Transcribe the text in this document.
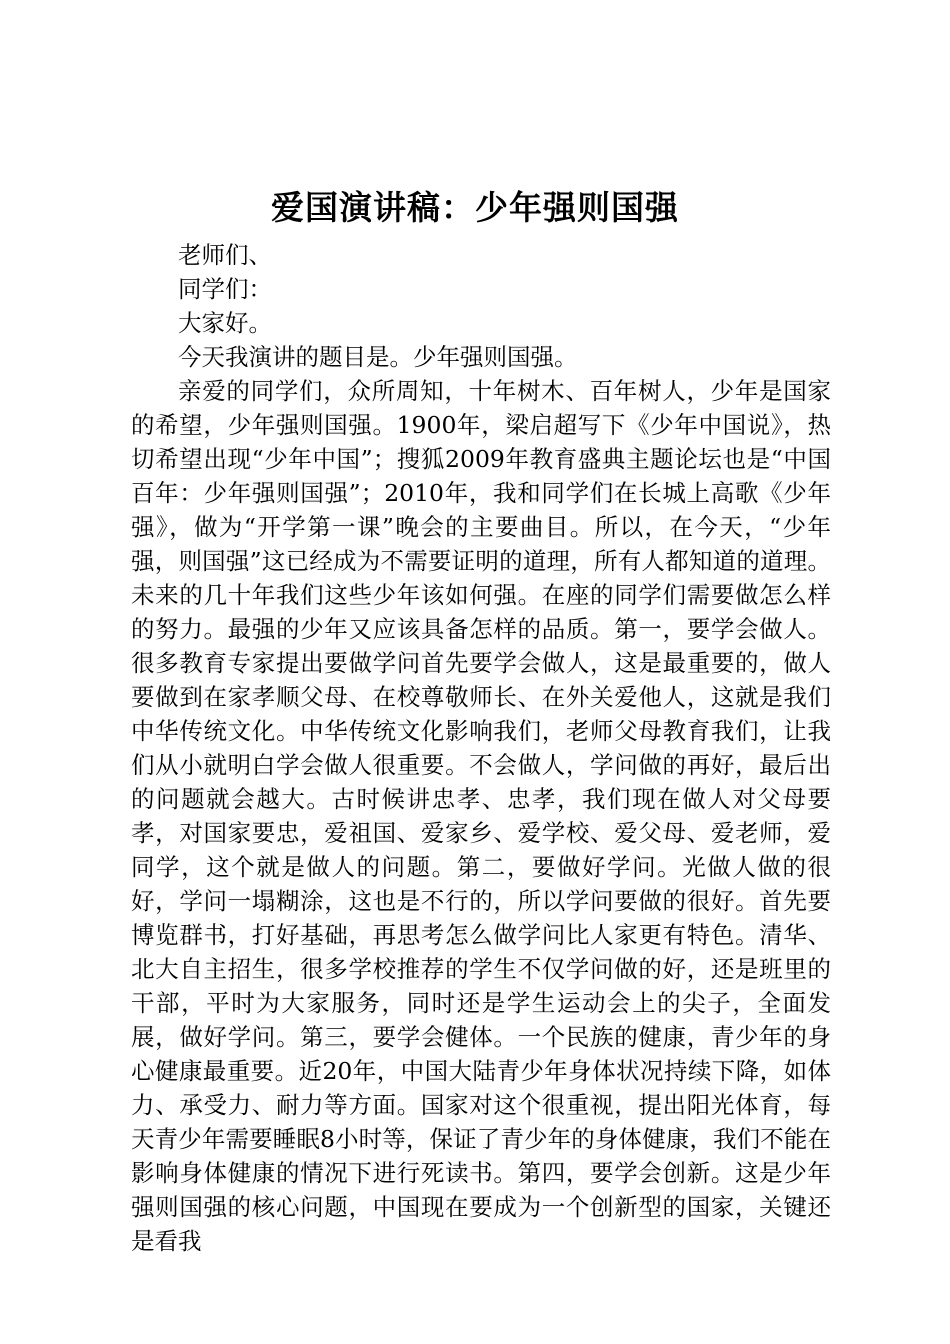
爱国演讲稿：少年强则国强

老师们、

同学们：

大家好。

今天我演讲的题目是。少年强则国强。

亲爱的同学们，众所周知，十年树木、百年树人，少年是国家的希望，少年强则国强。1900年，梁启超写下《少年中国说》，热切希望出现“少年中国”；搜狐2009年教育盛典主题论坛也是“中国百年：少年强则国强”；2010年，我和同学们在长城上高歌《少年强》，做为“开学第一课”晚会的主要曲目。所以，在今天，“少年强，则国强”这已经成为不需要证明的道理，所有人都知道的道理。未来的几十年我们这些少年该如何强。在座的同学们需要做怎么样的努力。最强的少年又应该具备怎样的品质。第一，要学会做人。很多教育专家提出要做学问首先要学会做人，这是最重要的，做人要做到在家孝顺父母、在校尊敬师长、在外关爱他人，这就是我们中华传统文化。中华传统文化影响我们，老师父母教育我们，让我们从小就明白学会做人很重要。不会做人，学问做的再好，最后出的问题就会越大。古时候讲忠孝、忠孝，我们现在做人对父母要孝，对国家要忠，爱祖国、爱家乡、爱学校、爱父母、爱老师，爱同学，这个就是做人的问题。第二，要做好学问。光做人做的很好，学问一塌糊涂，这也是不行的，所以学问要做的很好。首先要博览群书，打好基础，再思考怎么做学问比人家更有特色。清华、北大自主招生，很多学校推荐的学生不仅学问做的好，还是班里的干部，平时为大家服务，同时还是学生运动会上的尖子，全面发展，做好学问。第三，要学会健体。一个民族的健康，青少年的身心健康最重要。近20年，中国大陆青少年身体状况持续下降，如体力、承受力、耐力等方面。国家对这个很重视，提出阳光体育，每天青少年需要睡眠8小时等，保证了青少年的身体健康，我们不能在影响身体健康的情况下进行死读书。第四，要学会创新。这是少年强则国强的核心问题，中国现在要成为一个创新型的国家，关键还是看我
